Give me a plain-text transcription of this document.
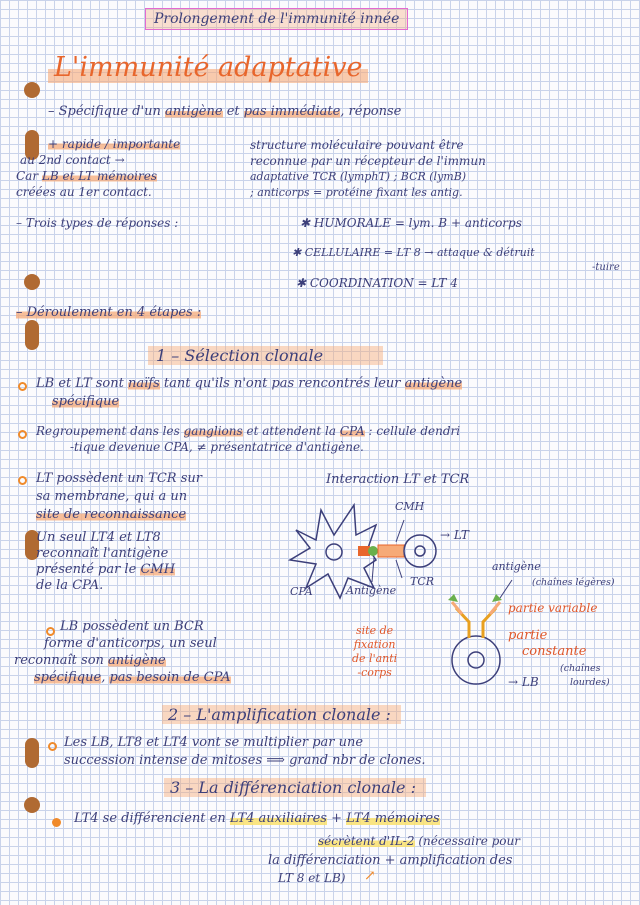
Prolongement de l'immunité innée
L'immunité adaptative
– Spécifique d'un antigène et pas immédiate, réponse
+ rapide / importante
au 2nd contact →
Car LB et LT mémoires
créées au 1er contact.
structure moléculaire pouvant être
reconnue par un récepteur de l'immun
adaptative TCR (lymphT) ; BCR (lymB)
; anticorps = protéine fixant les antig.
– Trois types de réponses :	✱ HUMORALE = lym. B + anticorps
✱ CELLULAIRE = LT 8 → attaque & détruit
-tuire
✱ COORDINATION = LT 4
– Déroulement en 4 étapes :
1 – Sélection clonale
LB et LT sont naïfs tant qu'ils n'ont pas rencontrés leur antigène
spécifique
Regroupement dans les ganglions et attendent la CPA : cellule dendri
-tique devenue CPA, ≠ présentatrice d'antigène.
LT possèdent un TCR sur
sa membrane, qui a un
site de reconnaissance
Un seul LT4 et LT8
reconnaît l'antigène
présenté par le CMH
de la CPA.
LB possèdent un BCR
forme d'anticorps, un seul
reconnaît son antigène
spécifique, pas besoin de CPA
Interaction LT et TCR
CMH
→ LT
CPA	Antigène
TCR
antigène
(chaînes légères)
partie variable
site de
fixation
de l'anti
-corps
partie
constante
(chaînes
lourdes)
→ LB
2 – L'amplification clonale :
Les LB, LT8 et LT4 vont se multiplier par une
succession intense de mitoses ⟹ grand nbr de clones.
3 – La différenciation clonale :
LT4 se différencient en LT4 auxiliaires + LT4 mémoires
sécrètent d'IL-2 (nécessaire pour
la différenciation + amplification des
LT 8 et LB) ↗
